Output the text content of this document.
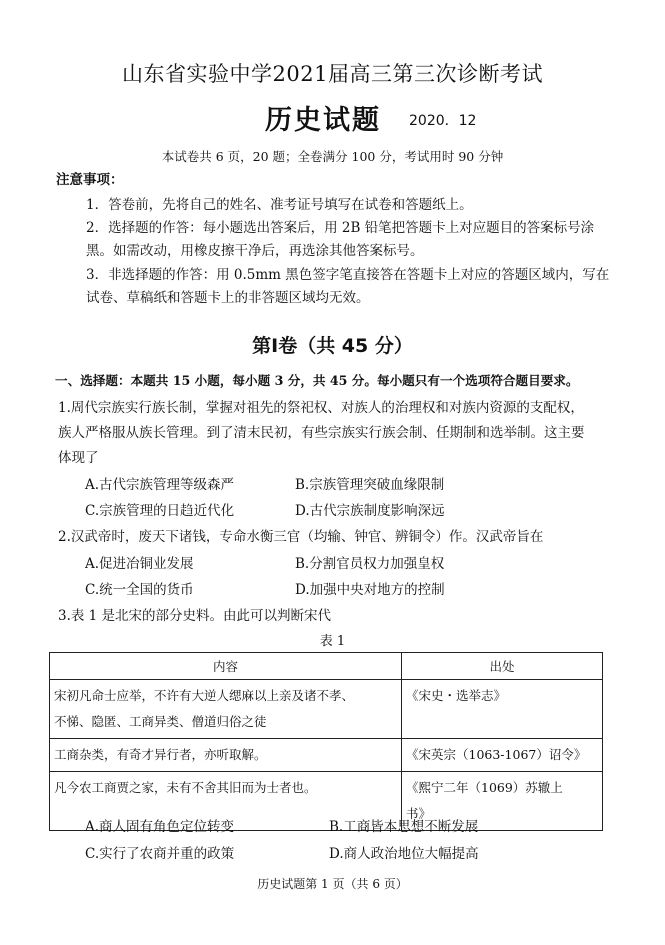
山东省实验中学2021届高三第三次诊断考试
历史试题 2020．12
本试卷共 6 页，20 题；全卷满分 100 分，考试用时 90 分钟
注意事项：
1．答卷前，先将自己的姓名、准考证号填写在试卷和答题纸上。
2．选择题的作答：每小题选出答案后，用 2B 铅笔把答题卡上对应题目的答案标号涂
黑。如需改动，用橡皮擦干净后，再选涂其他答案标号。
3．非选择题的作答：用 0.5mm 黑色签字笔直接答在答题卡上对应的答题区域内，写在
试卷、草稿纸和答题卡上的非答题区域均无效。
第Ⅰ卷（共 45 分）
一、选择题：本题共 15 小题，每小题 3 分，共 45 分。每小题只有一个选项符合题目要求。
1.周代宗族实行族长制，掌握对祖先的祭祀权、对族人的治理权和对族内资源的支配权，
族人严格服从族长管理。到了清末民初，有些宗族实行族会制、任期制和选举制。这主要
体现了
A.古代宗族管理等级森严	B.宗族管理突破血缘限制
C.宗族管理的日趋近代化	D.古代宗族制度影响深远
2.汉武帝时，废天下诸钱，专命水衡三官（均输、钟官、辨铜令）作。汉武帝旨在
A.促进冶铜业发展	B.分割官员权力加强皇权
C.统一全国的货币	D.加强中央对地方的控制
3.表 1 是北宋的部分史料。由此可以判断宋代
表 1
内容	出处

宋初凡命士应举，不许有大逆人缌麻以上亲及诸不孝、
不悌、隐匿、工商异类、僧道归俗之徒	《宋史・选举志》

工商杂类，有奇才异行者，亦听取解。	《宋英宗（1063-1067）诏令》

凡今农工商贾之家，未有不舍其旧而为士者也。	《熙宁二年（1069）苏辙上
书》
A.商人固有角色定位转变	B.工商皆本思想不断发展
C.实行了农商并重的政策	D.商人政治地位大幅提高
历史试题第 1 页（共 6 页）
